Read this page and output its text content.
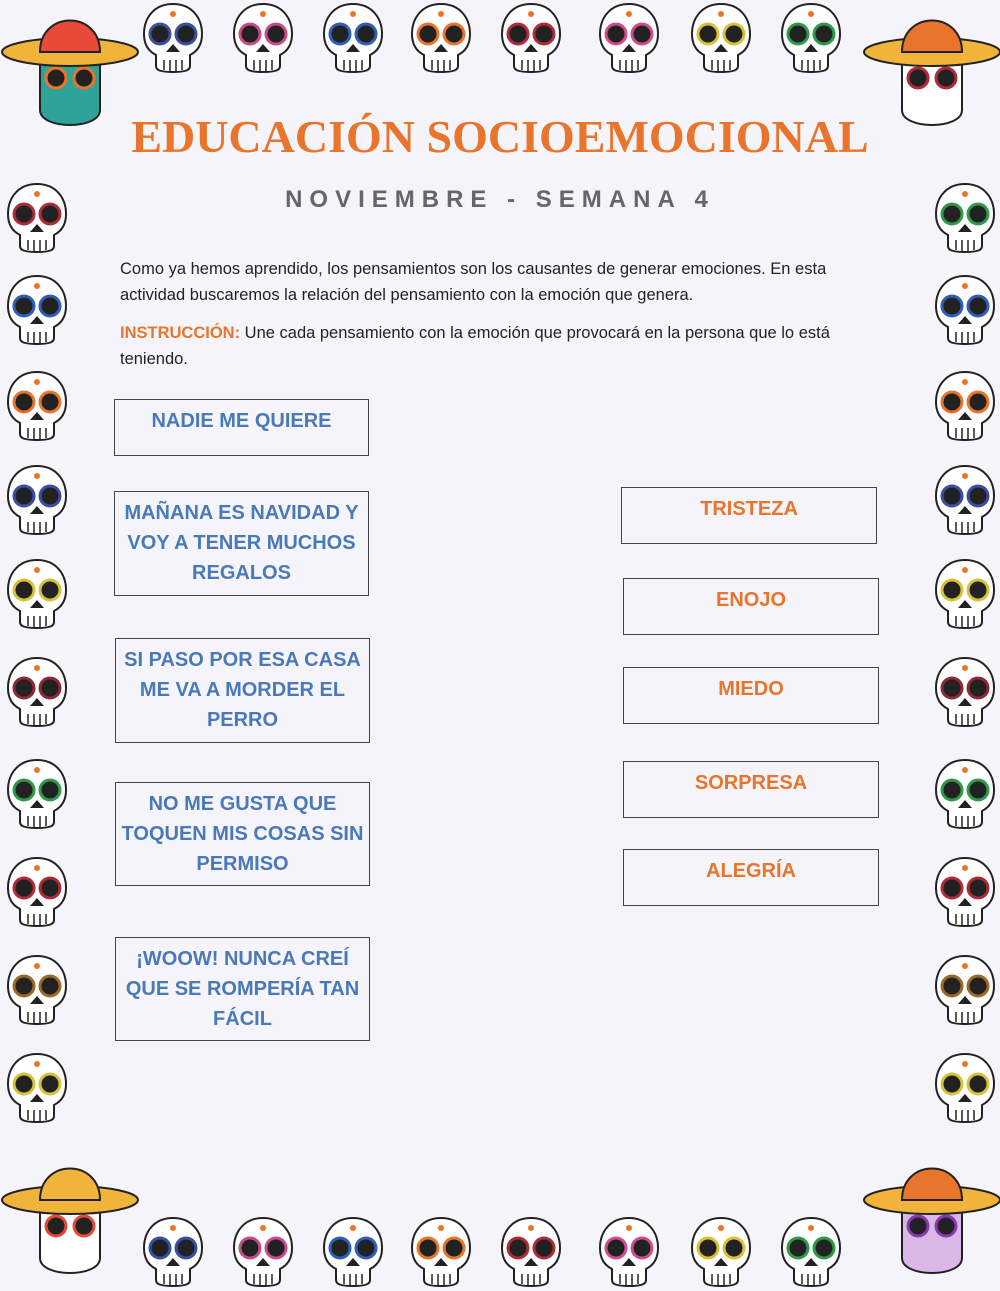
EDUCACIÓN SOCIOEMOCIONAL
NOVIEMBRE - SEMANA 4
Como ya hemos aprendido, los pensamientos son los causantes de generar emociones. En esta actividad buscaremos la relación del pensamiento con la emoción que genera.
INSTRUCCIÓN: Une cada pensamiento con la emoción que provocará en la persona que lo está teniendo.
NADIE ME QUIERE
MAÑANA ES NAVIDAD Y VOY A TENER MUCHOS REGALOS
SI PASO POR ESA CASA ME VA A MORDER EL PERRO
NO ME GUSTA QUE TOQUEN MIS COSAS SIN PERMISO
¡WOOW! NUNCA CREÍ QUE SE ROMPERÍA TAN FÁCIL
TRISTEZA
ENOJO
MIEDO
SORPRESA
ALEGRÍA
